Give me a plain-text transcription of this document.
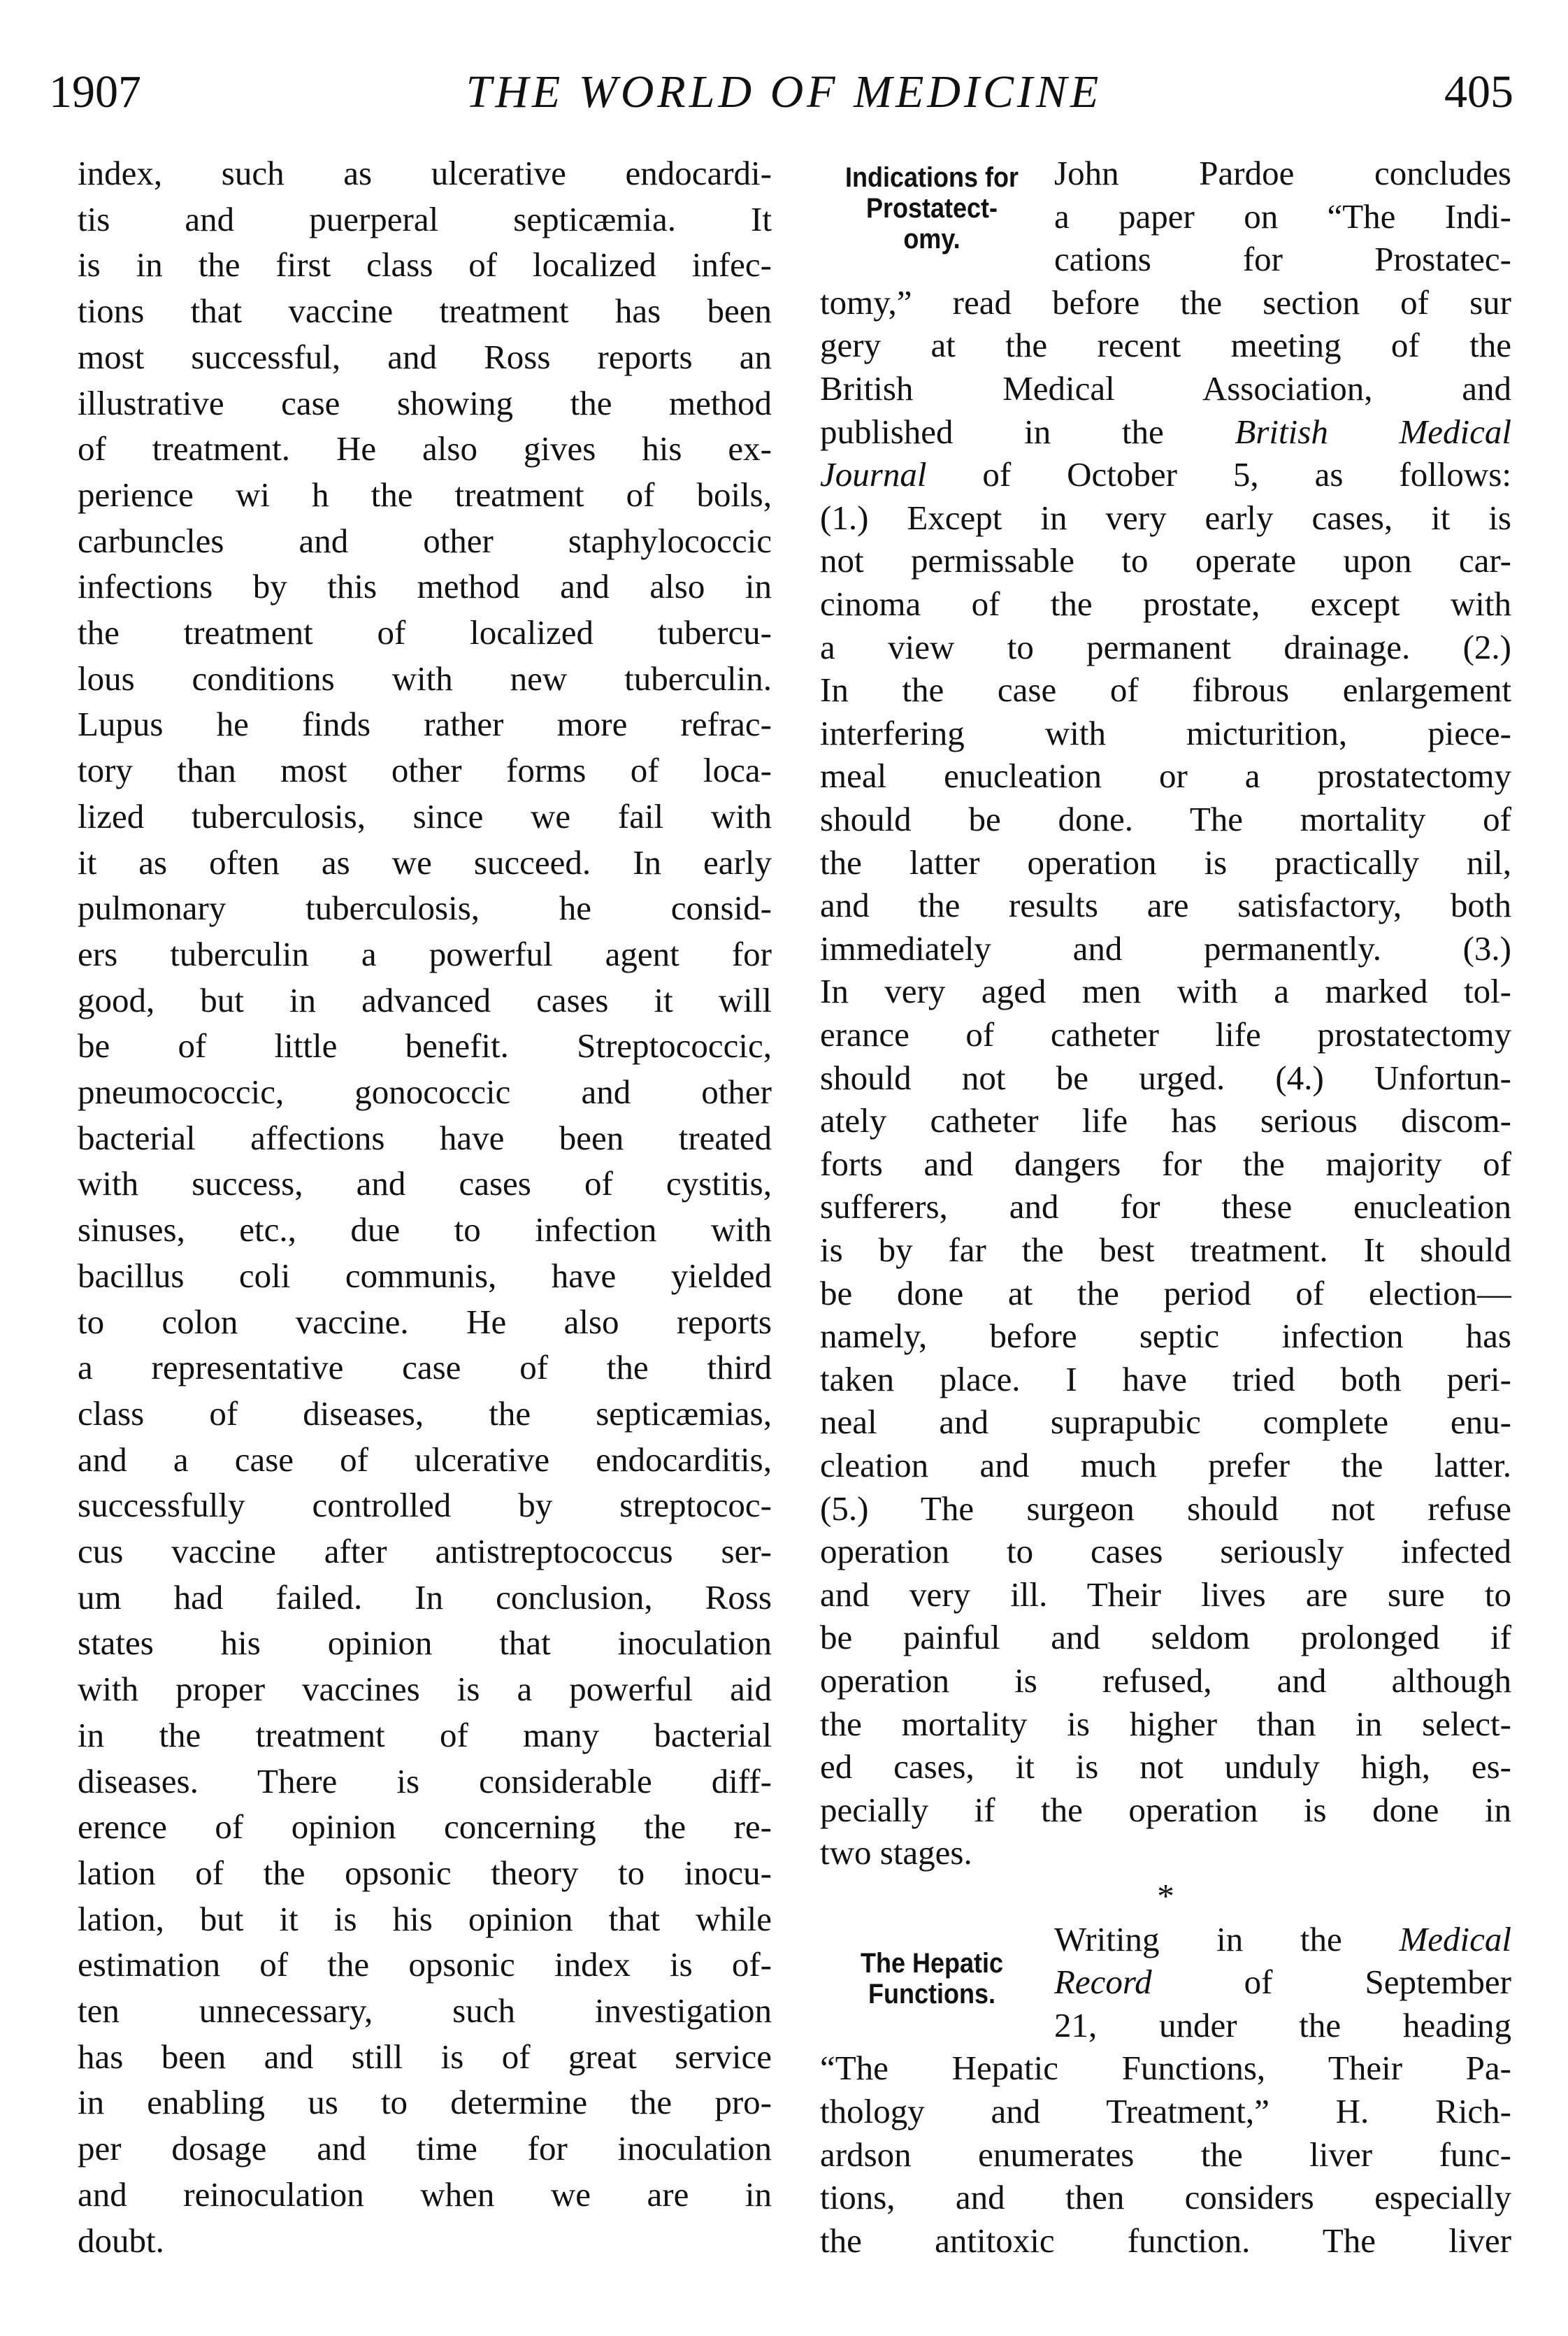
1907	THE WORLD OF MEDICINE	405
index, such as ulcerative endocardi-
tis and puerperal septicæmia. It
is in the first class of localized infec-
tions that vaccine treatment has been
most successful, and Ross reports an
illustrative case showing the method
of treatment. He also gives his ex-
perience wi h the treatment of boils,
carbuncles and other staphylococcic
infections by this method and also in
the treatment of localized tubercu-
lous conditions with new tuberculin.
Lupus he finds rather more refrac-
tory than most other forms of loca-
lized tuberculosis, since we fail with
it as often as we succeed. In early
pulmonary tuberculosis, he consid-
ers tuberculin a powerful agent for
good, but in advanced cases it will
be of little benefit. Streptococcic,
pneumococcic, gonococcic and other
bacterial affections have been treated
with success, and cases of cystitis,
sinuses, etc., due to infection with
bacillus coli communis, have yielded
to colon vaccine. He also reports
a representative case of the third
class of diseases, the septicæmias,
and a case of ulcerative endocarditis,
successfully controlled by streptococ-
cus vaccine after antistreptococcus ser-
um had failed. In conclusion, Ross
states his opinion that inoculation
with proper vaccines is a powerful aid
in the treatment of many bacterial
diseases. There is considerable diff-
erence of opinion concerning the re-
lation of the opsonic theory to inocu-
lation, but it is his opinion that while
estimation of the opsonic index is of-
ten unnecessary, such investigation
has been and still is of great service
in enabling us to determine the pro-
per dosage and time for inoculation
and reinoculation when we are in
doubt.
John Pardoe concludes
a paper on “The Indi-
cations for Prostatec-
tomy,” read before the section of sur
gery at the recent meeting of the
British Medical Association, and
published in the British Medical
Journal of October 5, as follows:
(1.) Except in very early cases, it is
not permissable to operate upon car-
cinoma of the prostate, except with
a view to permanent drainage. (2.)
In the case of fibrous enlargement
interfering with micturition, piece-
meal enucleation or a prostatectomy
should be done. The mortality of
the latter operation is practically nil,
and the results are satisfactory, both
immediately and permanently. (3.)
In very aged men with a marked tol-
erance of catheter life prostatectomy
should not be urged. (4.) Unfortun-
ately catheter life has serious discom-
forts and dangers for the majority of
sufferers, and for these enucleation
is by far the best treatment. It should
be done at the period of election—
namely, before septic infection has
taken place. I have tried both peri-
neal and suprapubic complete enu-
cleation and much prefer the latter.
(5.) The surgeon should not refuse
operation to cases seriously infected
and very ill. Their lives are sure to
be painful and seldom prolonged if
operation is refused, and although
the mortality is higher than in select-
ed cases, it is not unduly high, es-
pecially if the operation is done in
two stages.
*
Writing in the Medical
Record of September
21, under the heading
“The Hepatic Functions, Their Pa-
thology and Treatment,” H. Rich-
ardson enumerates the liver func-
tions, and then considers especially
the antitoxic function. The liver
Indications for
Prostatect-
omy.
The Hepatic
Functions.
